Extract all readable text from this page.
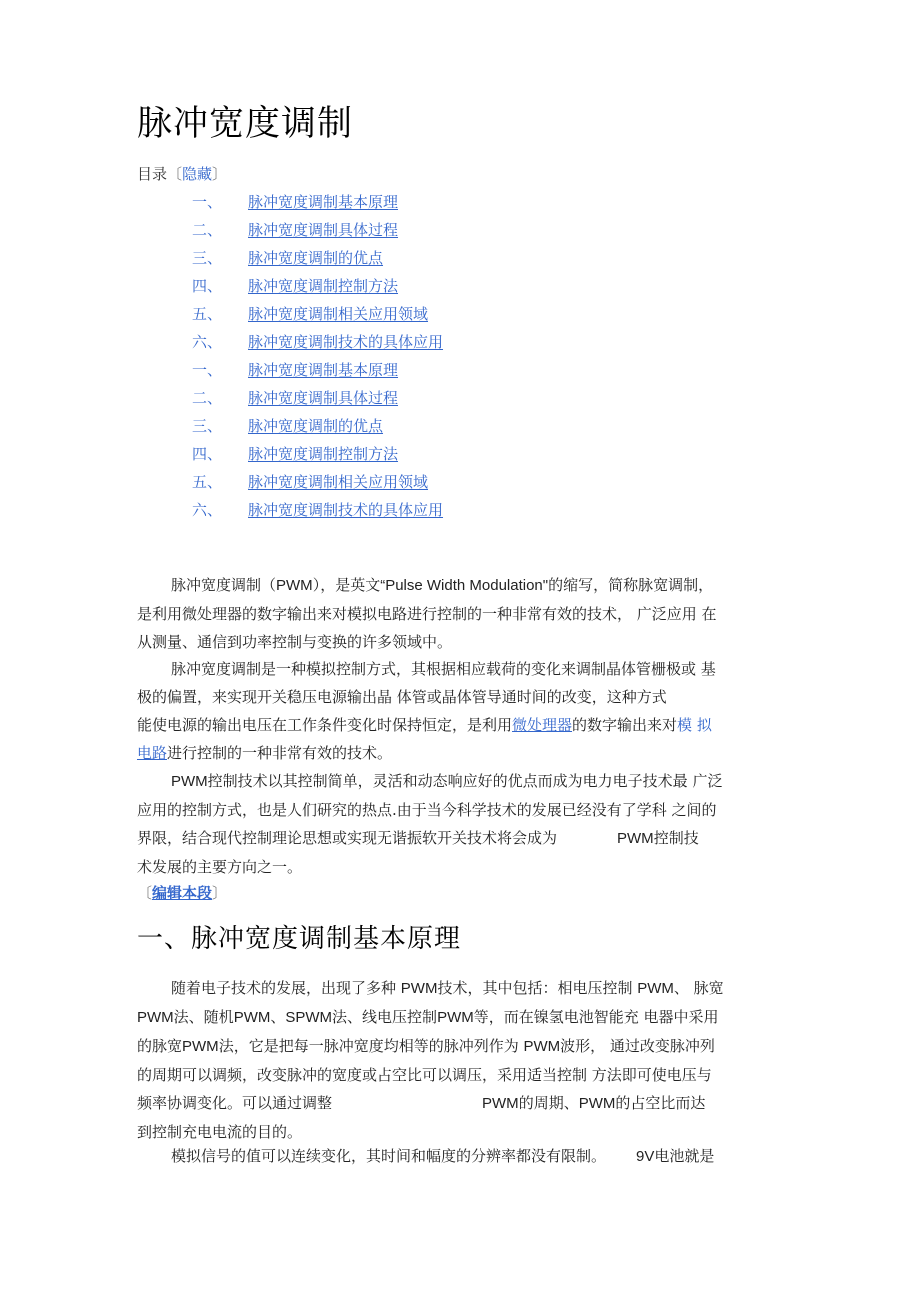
脉冲宽度调制
目录〔隐藏〕
一、 脉冲宽度调制基本原理
二、 脉冲宽度调制具体过程
三、 脉冲宽度调制的优点
四、 脉冲宽度调制控制方法
五、 脉冲宽度调制相关应用领域
六、 脉冲宽度调制技术的具体应用
一、 脉冲宽度调制基本原理
二、 脉冲宽度调制具体过程
三、 脉冲宽度调制的优点
四、 脉冲宽度调制控制方法
五、 脉冲宽度调制相关应用领域
六、 脉冲宽度调制技术的具体应用

脉冲宽度调制（PWM），是英文“Pulse Width Modulation"的缩写，简称脉宽调制，
是利用微处理器的数字输出来对模拟电路进行控制的一种非常有效的技术， 广泛应用 在
从测量、通信到功率控制与变换的许多领域中。

脉冲宽度调制是一种模拟控制方式，其根据相应载荷的变化来调制晶体管栅极或 基
极的偏置，来实现开关稳压电源输出晶 体管或晶体管导通时间的改变，这种方式
能使电源的输出电压在工作条件变化时保持恒定，是利用微处理器的数字输出来对模 拟
电路进行控制的一种非常有效的技术。

PWM控制技术以其控制简单，灵活和动态响应好的优点而成为电力电子技术最 广泛
应用的控制方式，也是人们研究的热点.由于当今科学技术的发展已经没有了学科 之间的
界限，结合现代控制理论思想或实现无谐振软开关技术将会成为	PWM控制技
术发展的主要方向之一。

〔编辑本段〕
一、脉冲宽度调制基本原理

随着电子技术的发展，出现了多种 PWM技术，其中包括：相电压控制 PWM、 脉宽
PWM法、随机PWM、SPWM法、线电压控制PWM等，而在镍氢电池智能充 电器中采用
的脉宽PWM法，它是把每一脉冲宽度均相等的脉冲列作为 PWM波形， 通过改变脉冲列
的周期可以调频，改变脉冲的宽度或占空比可以调压，采用适当控制 方法即可使电压与
频率协调变化。可以通过调整	PWM的周期、PWM的占空比而达
到控制充电电流的目的。

模拟信号的值可以连续变化，其时间和幅度的分辨率都没有限制。 9V电池就是
